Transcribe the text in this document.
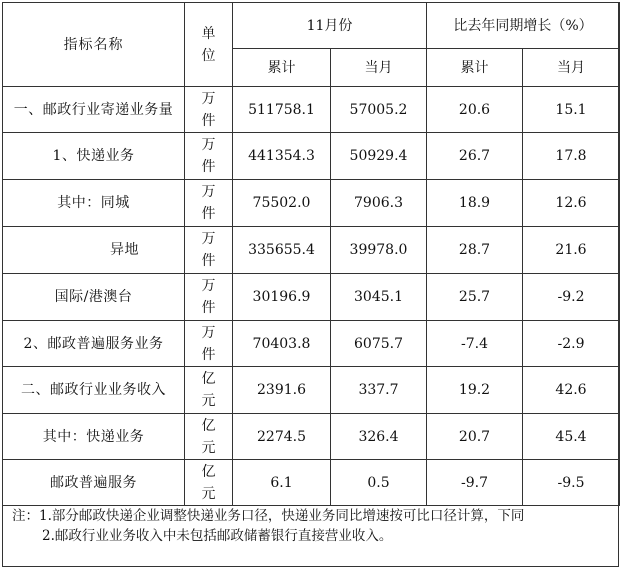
指标名称	单位	11月份		比去年同期增长（%）	
		累计	当月	累计	当月
一、邮政行业寄递业务量	万件	511758.1	57005.2	20.6	15.1
1、快递业务	万件	441354.3	50929.4	26.7	17.8
其中：同城	万件	75502.0	7906.3	18.9	12.6
异地	万件	335655.4	39978.0	28.7	21.6
国际/港澳台	万件	30196.9	3045.1	25.7	-9.2
2、邮政普遍服务业务	万件	70403.8	6075.7	-7.4	-2.9
二、邮政行业业务收入	亿元	2391.6	337.7	19.2	42.6
其中：快递业务	亿元	2274.5	326.4	20.7	45.4
邮政普遍服务	亿元	6.1	0.5	-9.7	-9.5
注：1.部分邮政快递企业调整快递业务口径，快递业务同比增速按可比口径计算，下同
2.邮政行业业务收入中未包括邮政储蓄银行直接营业收入。
